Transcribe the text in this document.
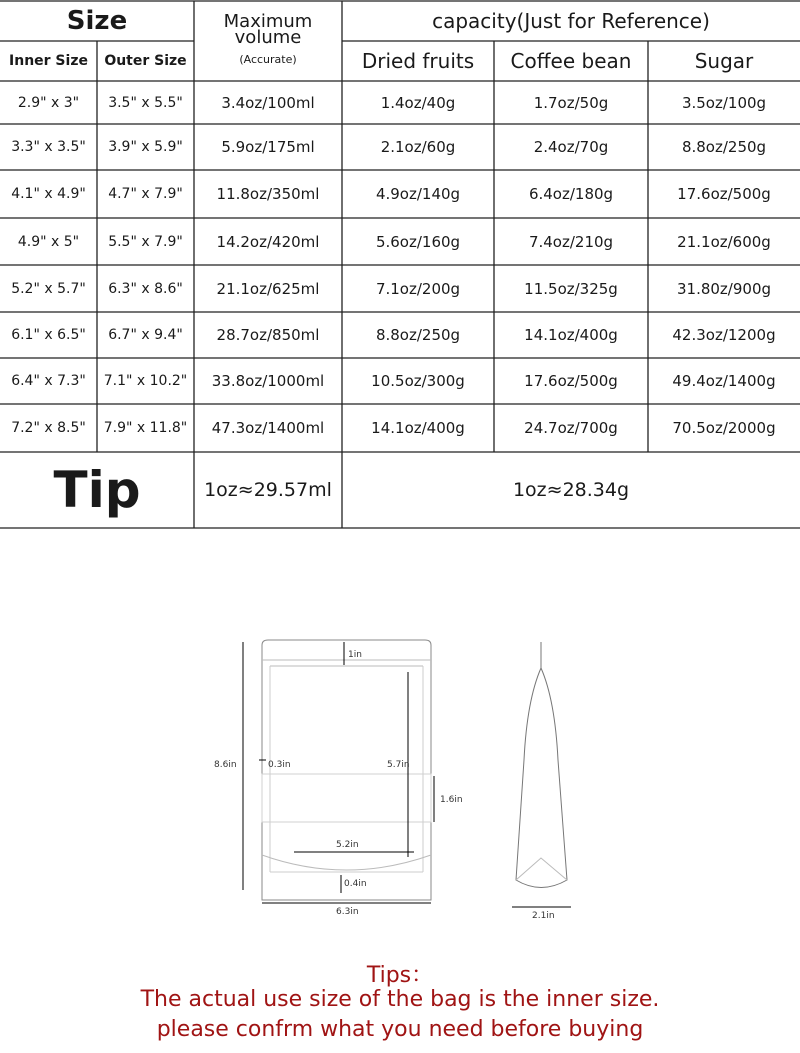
Size
Inner Size	Outer Size
Maximum
volume
(Accurate)
capacity(Just for Reference)
Dried fruits	Coffee bean	Sugar
2.9" x 3"	3.5" x 5.5"	3.4oz/100ml	1.4oz/40g	1.7oz/50g	3.5oz/100g
3.3" x 3.5"	3.9" x 5.9"	5.9oz/175ml	2.1oz/60g	2.4oz/70g	8.8oz/250g
4.1" x 4.9"	4.7" x 7.9"	11.8oz/350ml	4.9oz/140g	6.4oz/180g	17.6oz/500g
4.9" x 5"	5.5" x 7.9"	14.2oz/420ml	5.6oz/160g	7.4oz/210g	21.1oz/600g
5.2" x 5.7"	6.3" x 8.6"	21.1oz/625ml	7.1oz/200g	11.5oz/325g	31.80z/900g
6.1" x 6.5"	6.7" x 9.4"	28.7oz/850ml	8.8oz/250g	14.1oz/400g	42.3oz/1200g
6.4" x 7.3"	7.1" x 10.2"	33.8oz/1000ml	10.5oz/300g	17.6oz/500g	49.4oz/1400g
7.2" x 8.5"	7.9" x 11.8"	47.3oz/1400ml	14.1oz/400g	24.7oz/700g	70.5oz/2000g
Tip	1oz≈29.57ml	1oz≈28.34g
1in
0.3in	5.7in
8.6in
1.6in
5.2in
0.4in
6.3in	2.1in
Tips：
The actual use size of the bag is the inner size.
please confrm what you need before buying
